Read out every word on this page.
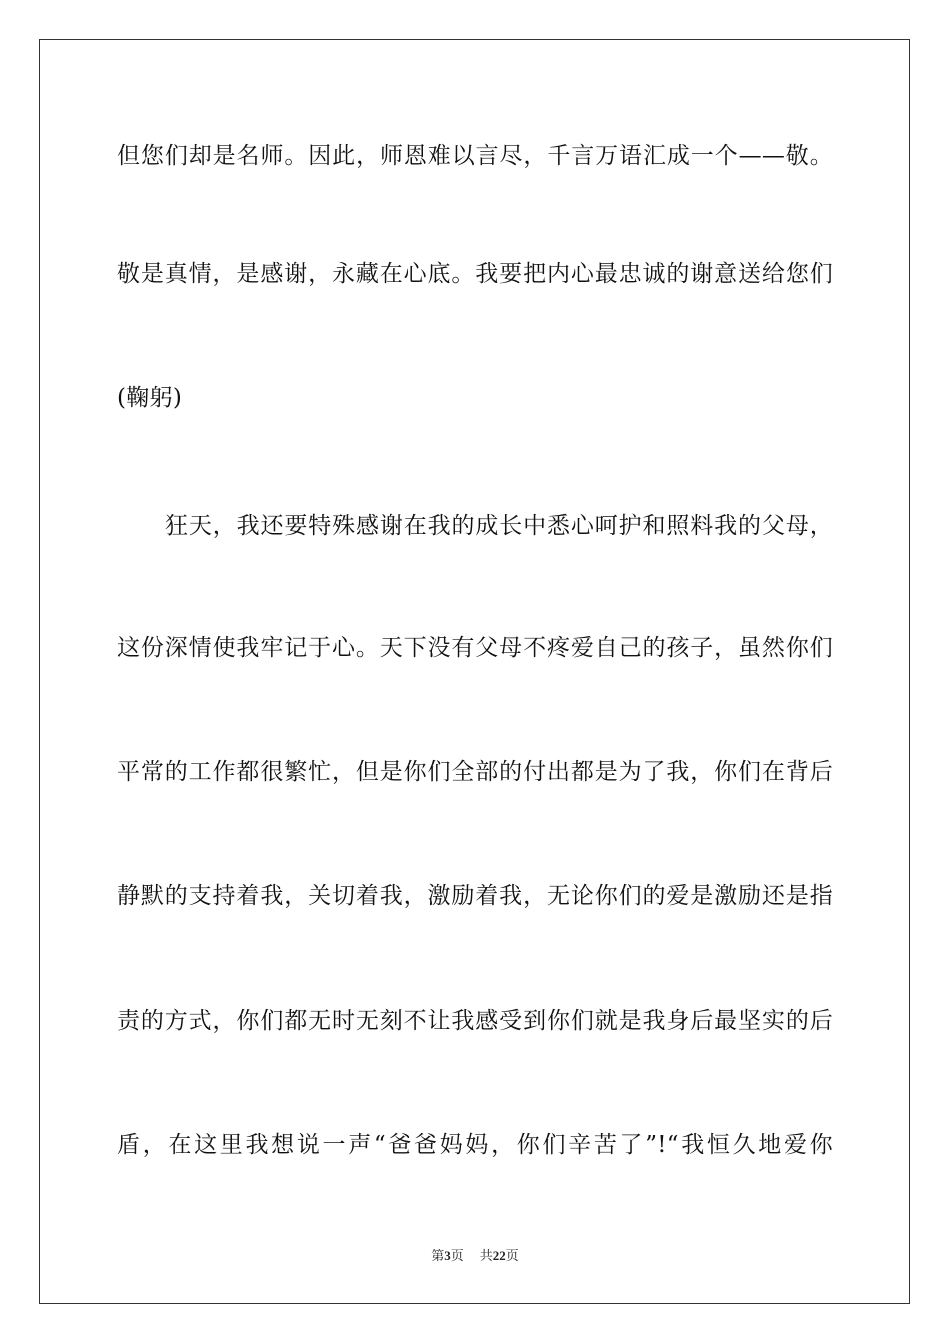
但您们却是名师。因此，师恩难以言尽，千言万语汇成一个——敬。
敬是真情，是感谢，永藏在心底。我要把内心最忠诚的谢意送给您们
(鞠躬)
狂天，我还要特殊感谢在我的成长中悉心呵护和照料我的父母，
这份深情使我牢记于心。天下没有父母不疼爱自己的孩子，虽然你们
平常的工作都很繁忙，但是你们全部的付出都是为了我，你们在背后
静默的支持着我，关切着我，激励着我，无论你们的爱是激励还是指
责的方式，你们都无时无刻不让我感受到你们就是我身后最坚实的后
盾，在这里我想说一声“爸爸妈妈，你们辛苦了”!“我恒久地爱你
第3页 共22页
